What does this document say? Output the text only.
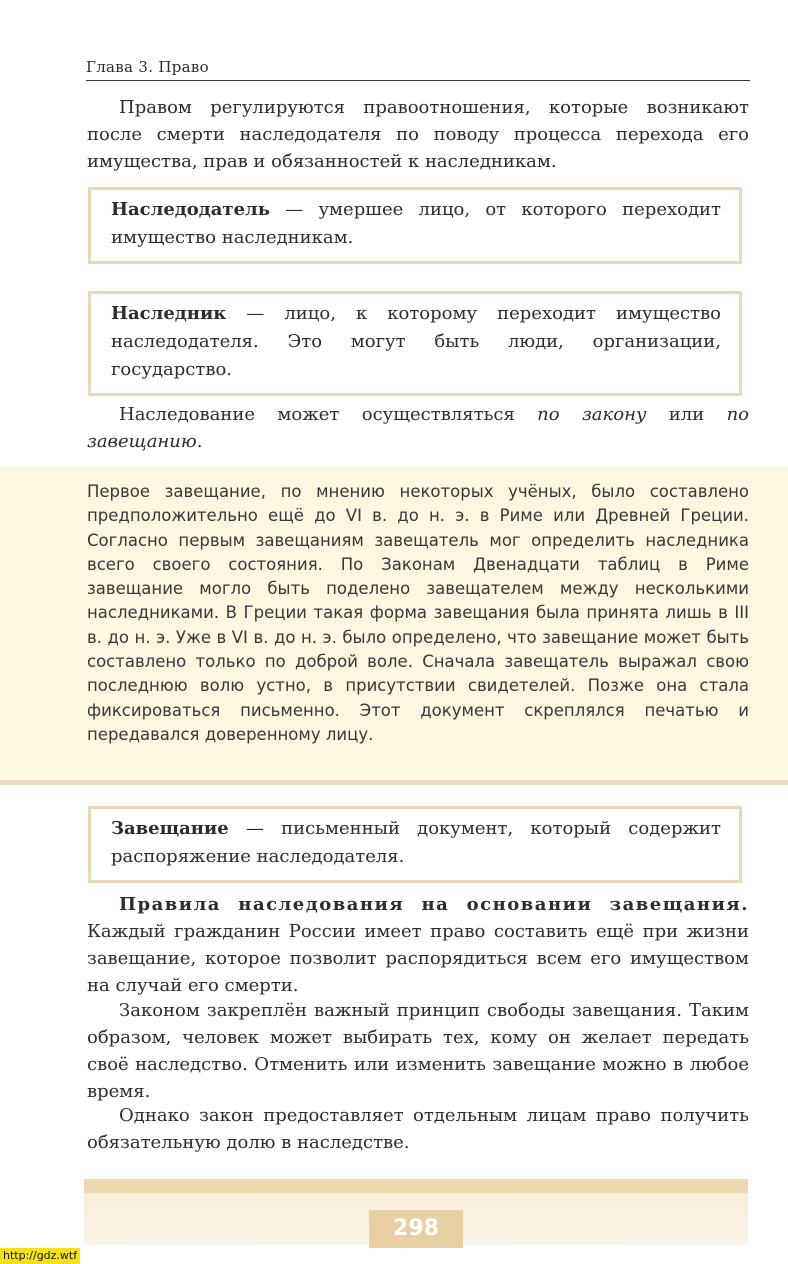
Глава 3. Право

Правом регулируются правоотношения, которые возникают после смерти наследодателя по поводу процесса перехода его имущества, прав и обязанностей к наследникам.

Наследодатель — умершее лицо, от которого переходит имущество наследникам.
Наследник — лицо, к которому переходит имущество наследодателя. Это могут быть люди, организации, государство.

Наследование может осуществляться по закону или по завещанию.

Первое завещание, по мнению некоторых учёных, было составлено предположительно ещё до VI в. до н. э. в Риме или Древней Греции. Согласно первым завещаниям завещатель мог определить наследника всего своего состояния. По Законам Двенадцати таблиц в Риме завещание могло быть поделено завещателем между несколькими наследниками. В Греции такая форма завещания была принята лишь в III в. до н. э. Уже в VI в. до н. э. было определено, что завещание может быть составлено только по доброй воле. Сначала завещатель выражал свою последнюю волю устно, в присутствии свидетелей. Позже она стала фиксироваться письменно. Этот документ скреплялся печатью и передавался доверенному лицу.

Завещание — письменный документ, который содержит распоряжение наследодателя.

Правила наследования на основании завещания. Каждый гражданин России имеет право составить ещё при жизни завещание, которое позволит распорядиться всем его имуществом на случай его смерти.

Законом закреплён важный принцип свободы завещания. Таким образом, человек может выбирать тех, кому он желает передать своё наследство. Отменить или изменить завещание можно в любое время.

Однако закон предоставляет отдельным лицам право получить обязательную долю в наследстве.

298
http://gdz.wtf
